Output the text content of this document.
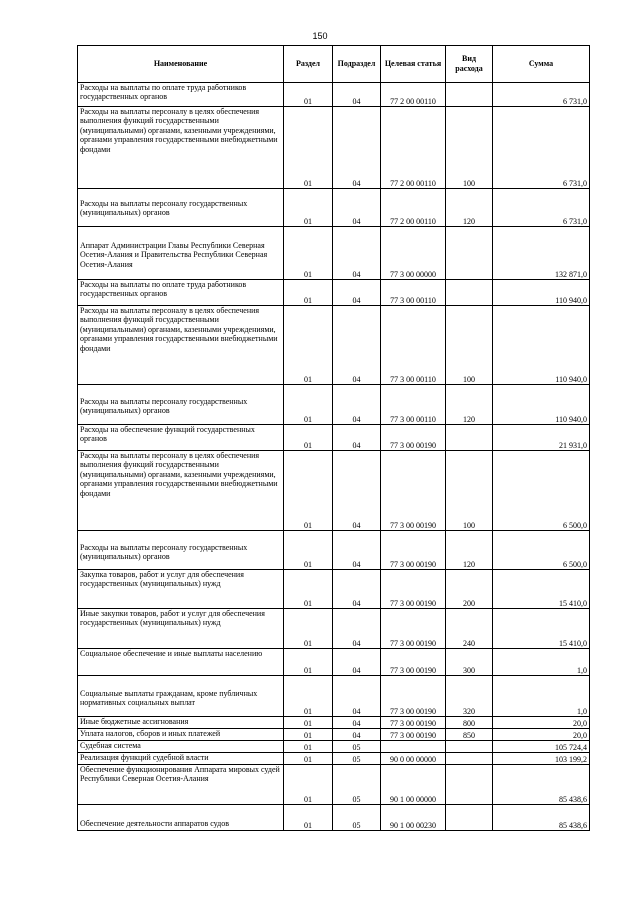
150
Наименование	Раздел	Подраздел	Целевая статья	Вид расхода	Сумма
Расходы на выплаты по оплате труда работников государственных органов	01	04	77 2 00 00110		6 731,0
Расходы на выплаты персоналу в целях обеспечения выполнения функций государственными (муниципальными) органами, казенными учреждениями, органами управления государственными внебюджетными фондами	01	04	77 2 00 00110	100	6 731,0
Расходы на выплаты персоналу государственных (муниципальных) органов	01	04	77 2 00 00110	120	6 731,0
Аппарат Администрации Главы Республики Северная Осетия-Алания и Правительства Республики Северная Осетия-Алания	01	04	77 3 00 00000		132 871,0
Расходы на выплаты по оплате труда работников государственных органов	01	04	77 3 00 00110		110 940,0
Расходы на выплаты персоналу в целях обеспечения выполнения функций государственными (муниципальными) органами, казенными учреждениями, органами управления государственными внебюджетными фондами	01	04	77 3 00 00110	100	110 940,0
Расходы на выплаты персоналу государственных (муниципальных) органов	01	04	77 3 00 00110	120	110 940,0
Расходы на обеспечение функций государственных органов	01	04	77 3 00 00190		21 931,0
Расходы на выплаты персоналу в целях обеспечения выполнения функций государственными (муниципальными) органами, казенными учреждениями, органами управления государственными внебюджетными фондами	01	04	77 3 00 00190	100	6 500,0
Расходы на выплаты персоналу государственных (муниципальных) органов	01	04	77 3 00 00190	120	6 500,0
Закупка товаров, работ и услуг для обеспечения государственных (муниципальных) нужд	01	04	77 3 00 00190	200	15 410,0
Иные закупки товаров, работ и услуг для обеспечения государственных (муниципальных) нужд	01	04	77 3 00 00190	240	15 410,0
Социальное обеспечение и иные выплаты населению	01	04	77 3 00 00190	300	1,0
Социальные выплаты гражданам, кроме публичных нормативных социальных выплат	01	04	77 3 00 00190	320	1,0
Иные бюджетные ассигнования	01	04	77 3 00 00190	800	20,0
Уплата налогов, сборов и иных платежей	01	04	77 3 00 00190	850	20,0
Судебная система	01	05			105 724,4
Реализация функций судебной власти	01	05	90 0 00 00000		103 199,2
Обеспечение функционирования Аппарата мировых судей Республики Северная Осетия-Алания	01	05	90 1 00 00000		85 438,6
Обеспечение деятельности аппаратов судов	01	05	90 1 00 00230		85 438,6
